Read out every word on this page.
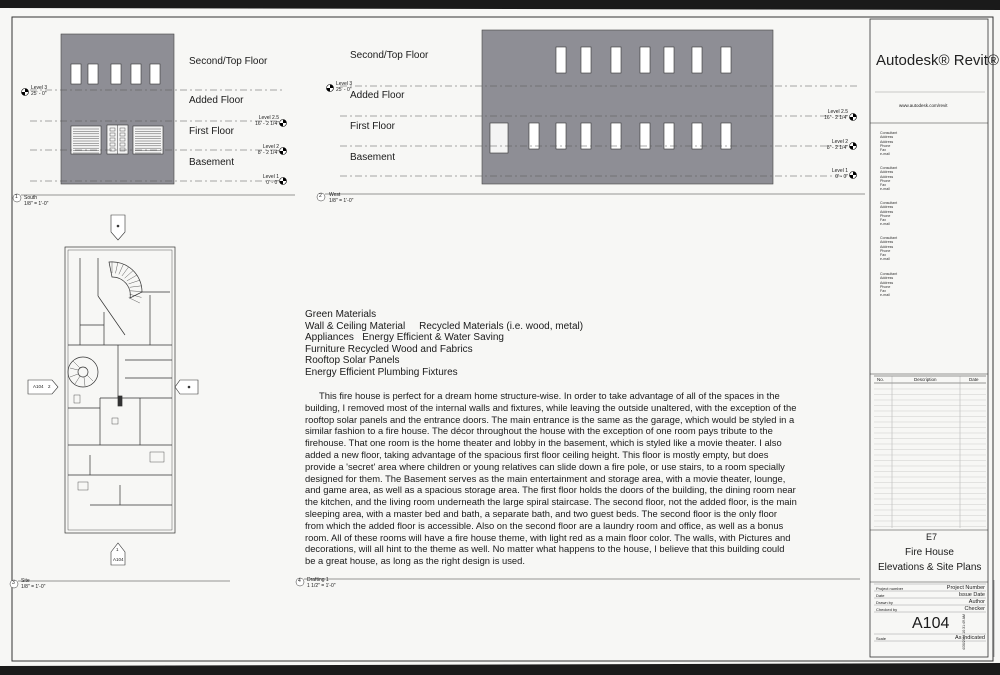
Second/Top Floor
Added Floor
First Floor
Basement
Level 3
25' - 0"
Level 2.5
16' - 2 1/4"
Level 2
8' - 2 1/4"
Level 1
0' - 0"
Second/Top Floor
Added Floor
First Floor
Basement
Level 3
25' - 0"
Level 2.5
16' - 2 1/4"
Level 2
8' - 2 1/4"
Level 1
0' - 0"
1 South
1/8" = 1'-0"
2 West
1/8" = 1'-0"
3 Site
1/8" = 1'-0"
4 Drafting 1
1 1/2" = 1'-0"
A104 2
1
A104
Green Materials
Wall & Ceiling Material     Recycled Materials (i.e. wood, metal)
Appliances   Energy Efficient & Water Saving
Furniture Recycled Wood and Fabrics
Rooftop Solar Panels
Energy Efficient Plumbing Fixtures
This fire house is perfect for a dream home structure-wise. In order to take advantage of all of the spaces in the building, I removed most of the internal walls and fixtures, while leaving the outside unaltered, with the exception of the rooftop solar panels and the entrance doors. The main entrance is the same as the garage, which would be styled in a similar fashion to a fire house. The décor throughout the house with the exception of one room pays tribute to the firehouse. That one room is the home theater and lobby in the basement, which is styled like a movie theater. I also added a new floor, taking advantage of the spacious first floor ceiling height. This floor is mostly empty, but does provide a 'secret' area where children or young relatives can slide down a fire pole, or use stairs, to a room specially designed for them. The Basement serves as the main entertainment and storage area, with a movie theater, lounge, and game area, as well as a spacious storage area. The first floor holds the doors of the building, the dining room near the kitchen, and the living room underneath the large spiral staircase. The second floor, not the added floor, is the main sleeping area, with a master bed and bath, a separate bath, and two guest beds. The second floor is the only floor from which the added floor is accessible. Also on the second floor are a laundry room and office, as well as a bonus room. All of these rooms will have a fire house theme, with light red as a main floor color. The walls, with Pictures and decorations, will all hint to the theme as well. No matter what happens to the house, I believe that this building could be a great house, as long as the right design is used.
Autodesk® Revit®
www.autodesk.com/revit
Consultant
Address
Address
Phone
Fax
e-mail
Consultant
Address
Address
Phone
Fax
e-mail
Consultant
Address
Address
Phone
Fax
e-mail
Consultant
Address
Address
Phone
Fax
e-mail
Consultant
Address
Address
Phone
Fax
e-mail
No.	Description	Date
E7
Fire House
Elevations & Site Plans
Project number	Project Number
Date	Issue Date
Drawn by	Author
Checked by	Checker
A104
Scale	As indicated
4/30/2011 10:31:49 AM
